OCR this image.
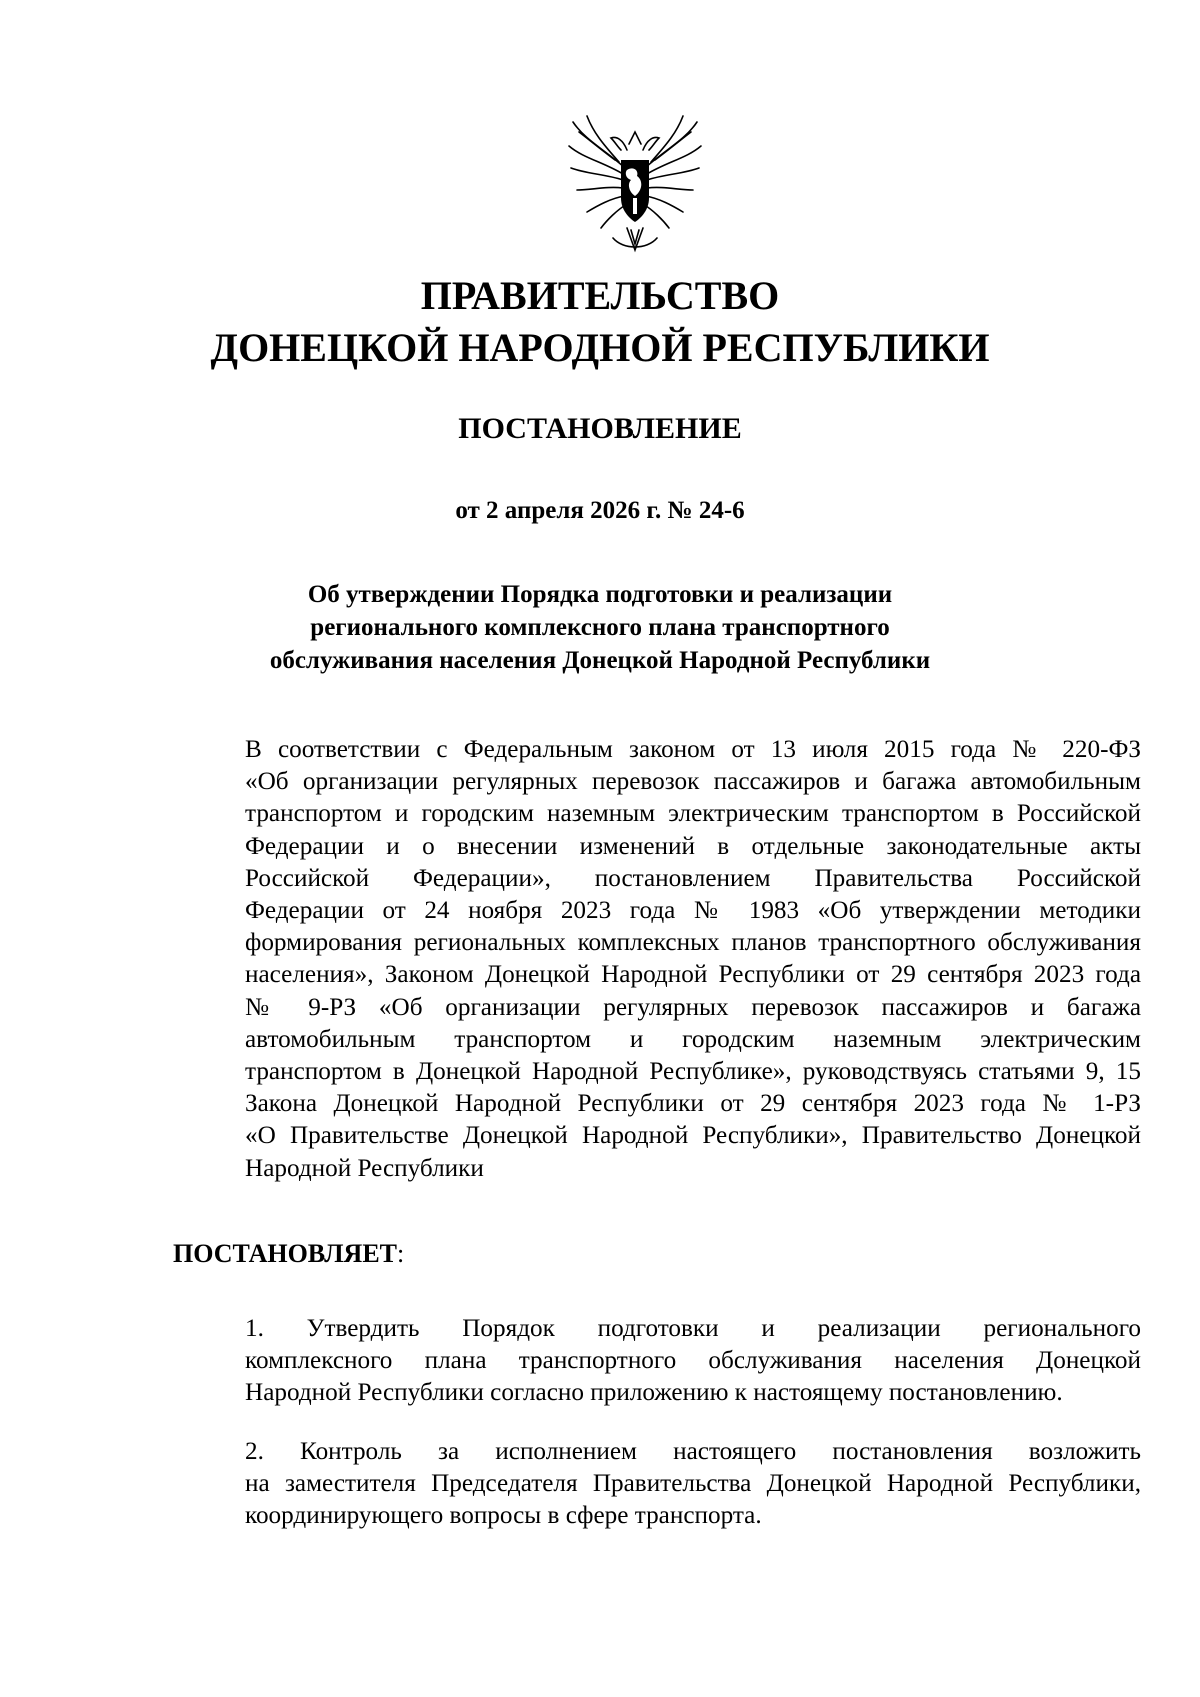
ПРАВИТЕЛЬСТВО
ДОНЕЦКОЙ НАРОДНОЙ РЕСПУБЛИКИ
ПОСТАНОВЛЕНИЕ
от 2 апреля 2026 г. № 24-6
Об утверждении Порядка подготовки и реализации
регионального комплексного плана транспортного
обслуживания населения Донецкой Народной Республики
В соответствии с Федеральным законом от 13 июля 2015 года № 220-ФЗ
«Об организации регулярных перевозок пассажиров и багажа автомобильным
транспортом и городским наземным электрическим транспортом в Российской
Федерации и о внесении изменений в отдельные законодательные акты
Российской Федерации», постановлением Правительства Российской
Федерации от 24 ноября 2023 года № 1983 «Об утверждении методики
формирования региональных комплексных планов транспортного обслуживания
населения», Законом Донецкой Народной Республики от 29 сентября 2023 года
№ 9-РЗ «Об организации регулярных перевозок пассажиров и багажа
автомобильным транспортом и городским наземным электрическим
транспортом в Донецкой Народной Республике», руководствуясь статьями 9, 15
Закона Донецкой Народной Республики от 29 сентября 2023 года № 1-РЗ
«О Правительстве Донецкой Народной Республики», Правительство Донецкой
Народной Республики
ПОСТАНОВЛЯЕТ:
1. Утвердить Порядок подготовки и реализации регионального
комплексного плана транспортного обслуживания населения Донецкой
Народной Республики согласно приложению к настоящему постановлению.
2. Контроль за исполнением настоящего постановления возложить
на заместителя Председателя Правительства Донецкой Народной Республики,
координирующего вопросы в сфере транспорта.
